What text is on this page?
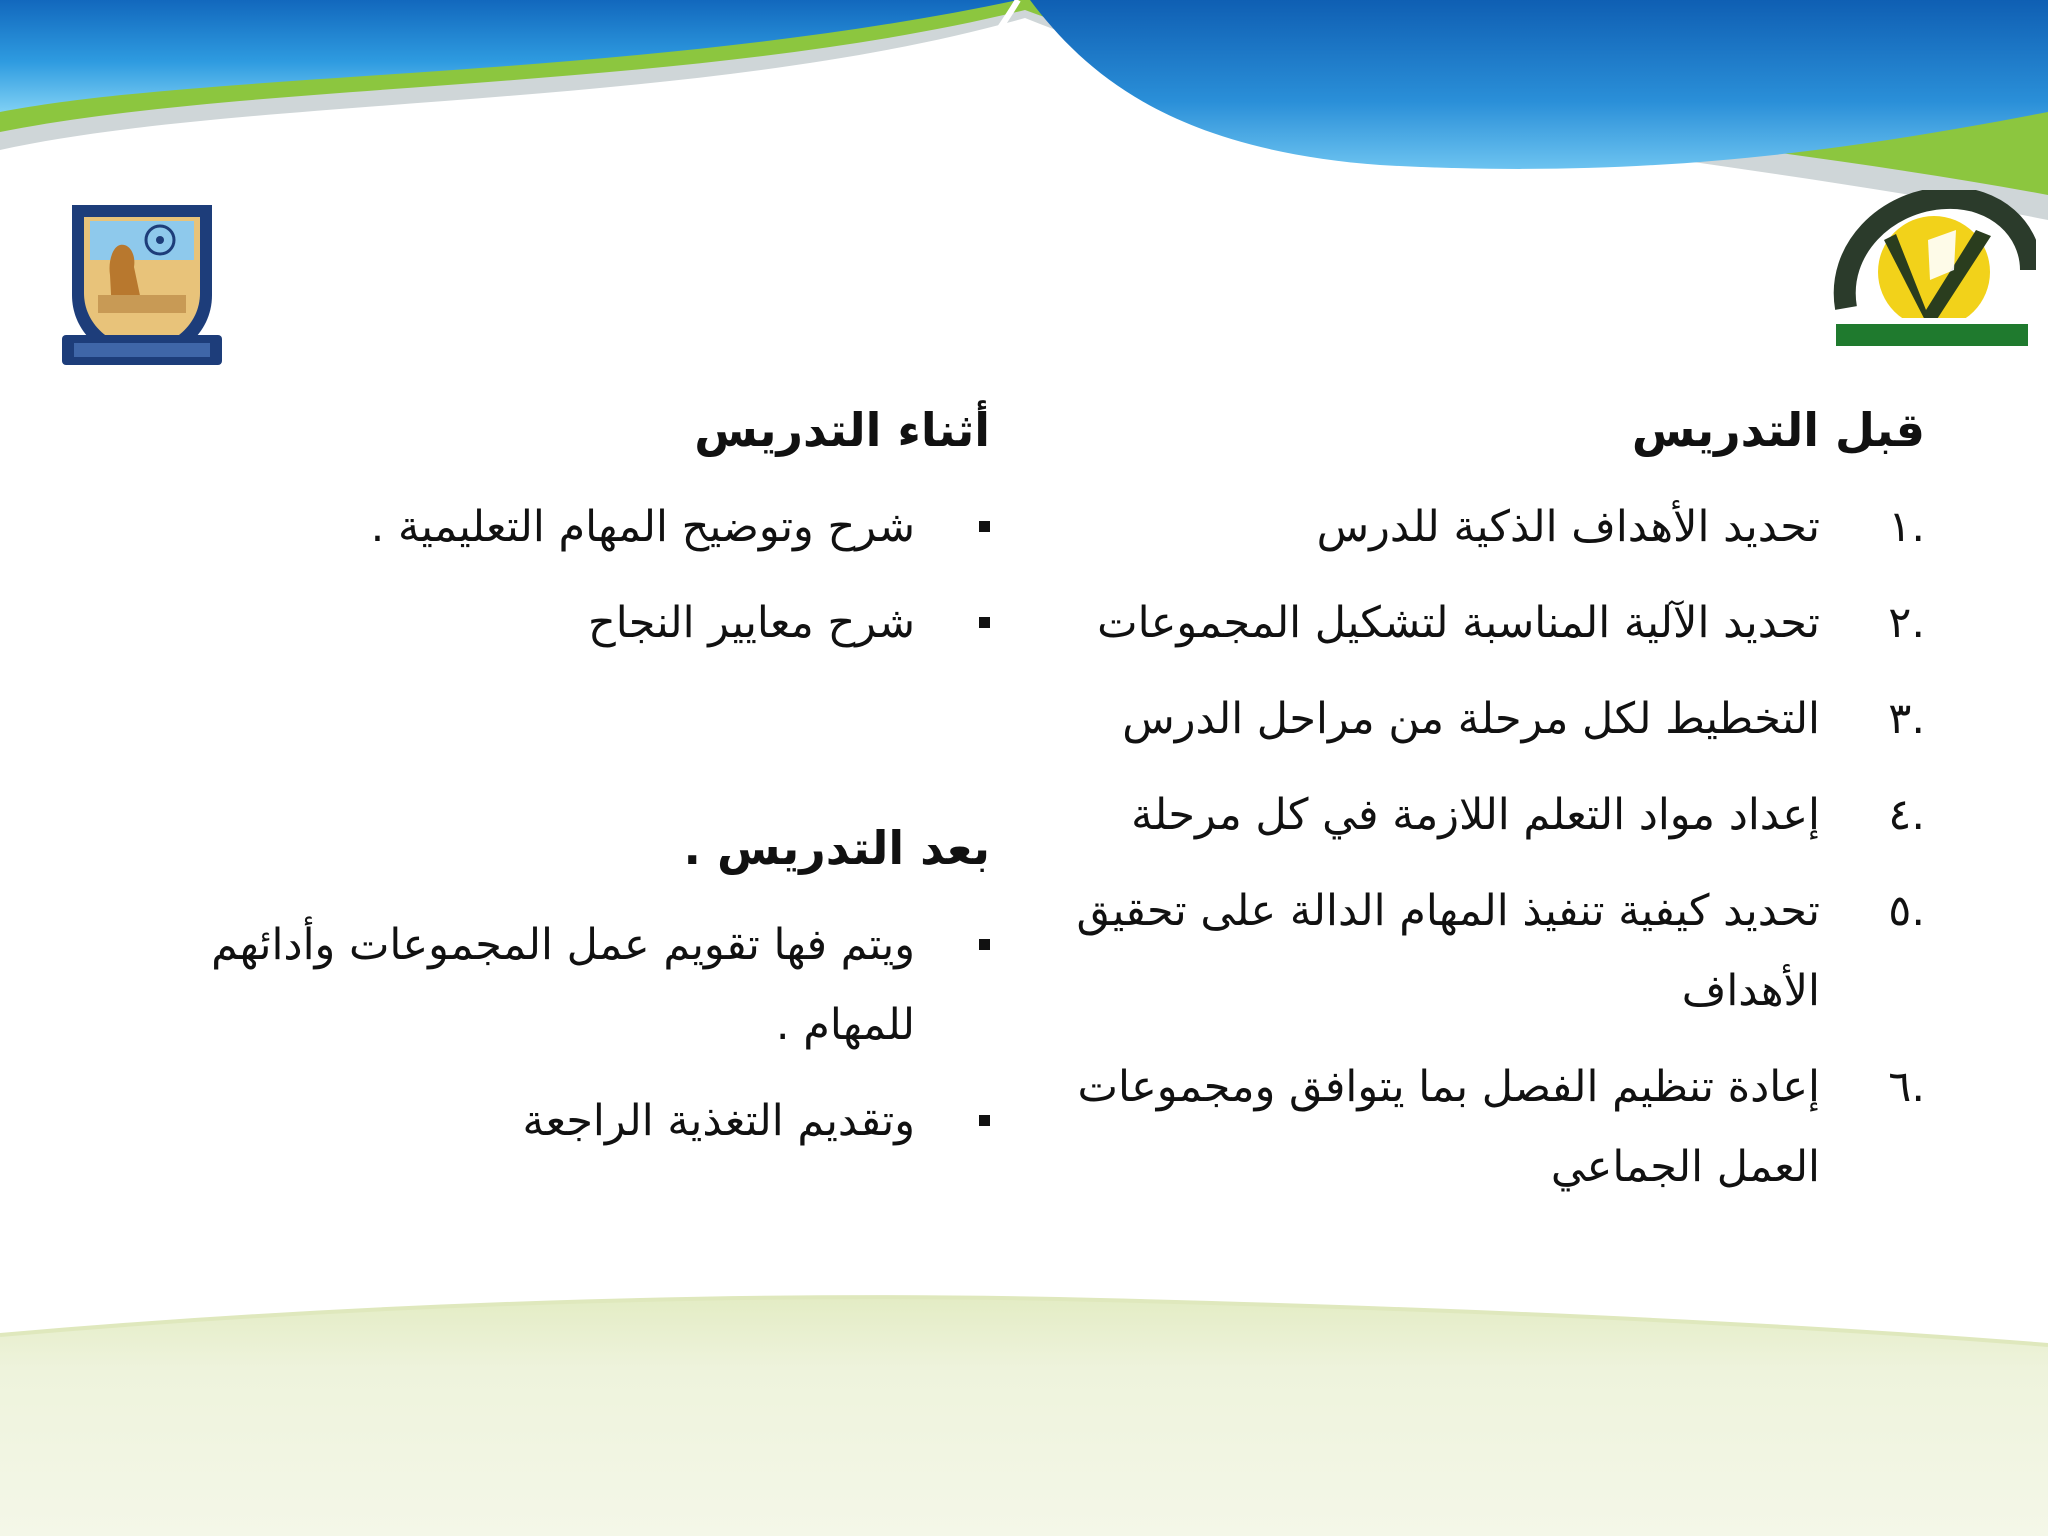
قبل التدريس
.١
تحديد الأهداف الذكية للدرس
.٢
تحديد الآلية المناسبة لتشكيل المجموعات
.٣
التخطيط لكل مرحلة من مراحل الدرس
.٤
إعداد مواد التعلم اللازمة في كل مرحلة
.٥
تحديد كيفية تنفيذ المهام الدالة على تحقيق الأهداف
.٦
إعادة تنظيم الفصل بما يتوافق ومجموعات العمل الجماعي
أثناء التدريس
شرح وتوضيح المهام التعليمية .
شرح معايير النجاح
بعد التدريس .
ويتم فها تقويم عمل المجموعات وأدائهم للمهام .
وتقديم التغذية الراجعة
